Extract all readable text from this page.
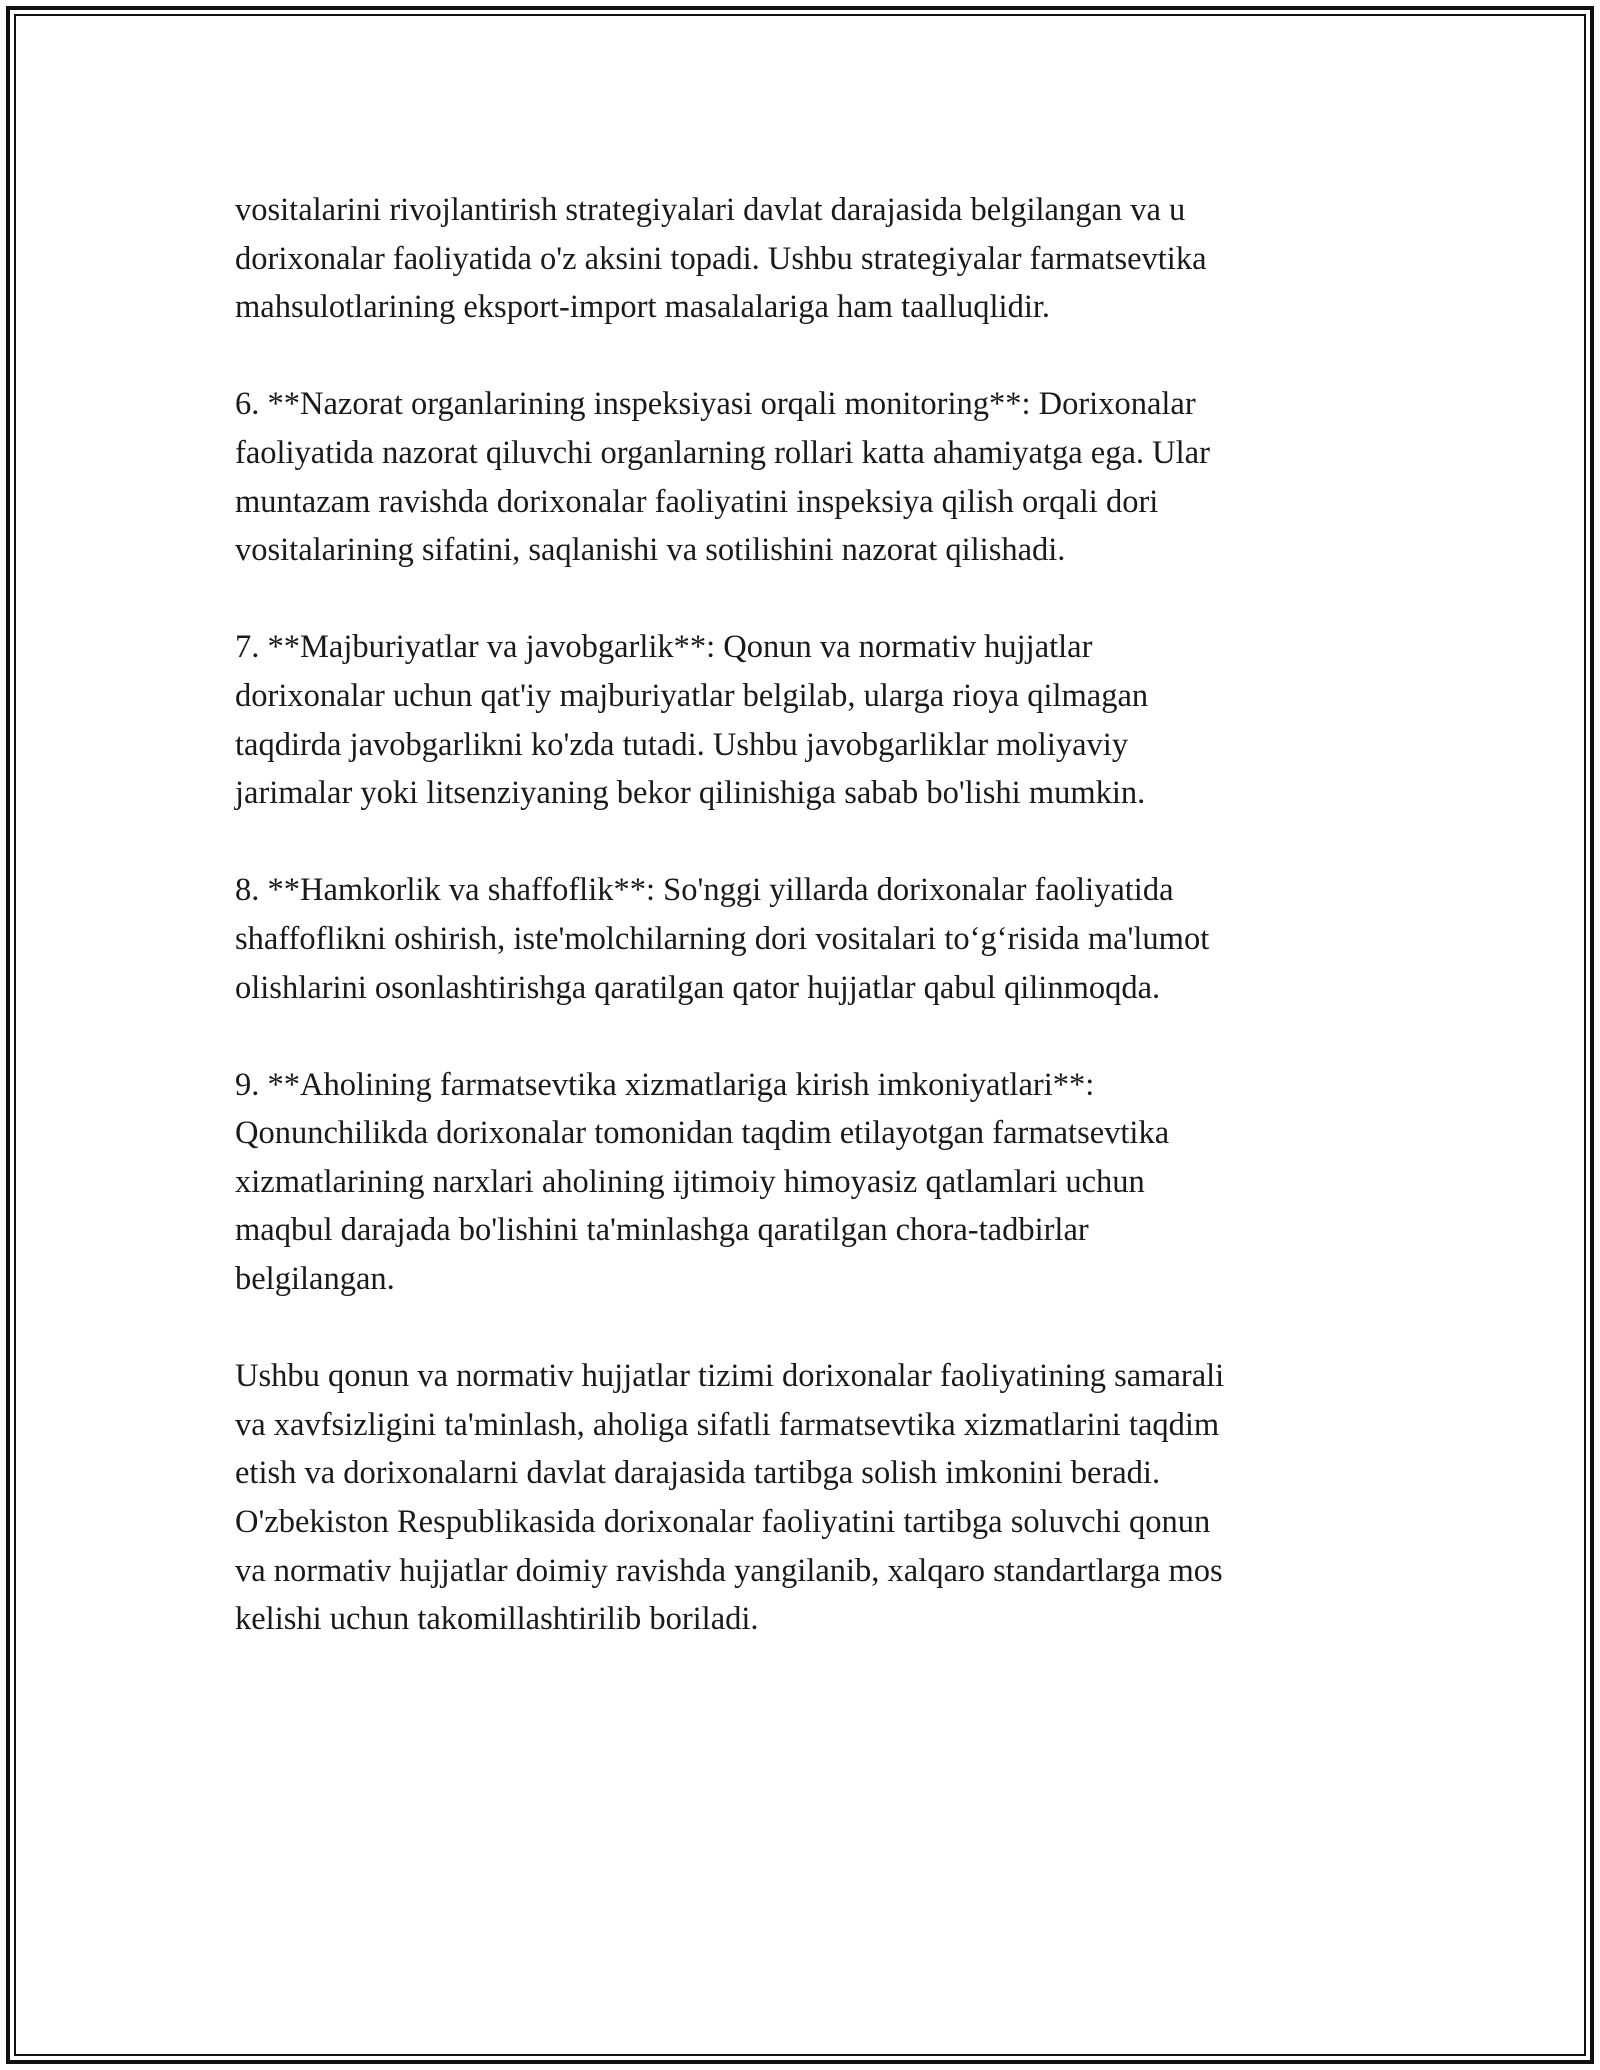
vositalarini rivojlantirish strategiyalari davlat darajasida belgilangan va u
dorixonalar faoliyatida o'z aksini topadi. Ushbu strategiyalar farmatsevtika
mahsulotlarining eksport-import masalalariga ham taalluqlidir.

6. **Nazorat organlarining inspeksiyasi orqali monitoring**: Dorixonalar
faoliyatida nazorat qiluvchi organlarning rollari katta ahamiyatga ega. Ular
muntazam ravishda dorixonalar faoliyatini inspeksiya qilish orqali dori
vositalarining sifatini, saqlanishi va sotilishini nazorat qilishadi.

7. **Majburiyatlar va javobgarlik**: Qonun va normativ hujjatlar
dorixonalar uchun qat'iy majburiyatlar belgilab, ularga rioya qilmagan
taqdirda javobgarlikni ko'zda tutadi. Ushbu javobgarliklar moliyaviy
jarimalar yoki litsenziyaning bekor qilinishiga sabab bo'lishi mumkin.

8. **Hamkorlik va shaffoflik**: So'nggi yillarda dorixonalar faoliyatida
shaffoflikni oshirish, iste'molchilarning dori vositalari to‘g‘risida ma'lumot
olishlarini osonlashtirishga qaratilgan qator hujjatlar qabul qilinmoqda.

9. **Aholining farmatsevtika xizmatlariga kirish imkoniyatlari**:
Qonunchilikda dorixonalar tomonidan taqdim etilayotgan farmatsevtika
xizmatlarining narxlari aholining ijtimoiy himoyasiz qatlamlari uchun
maqbul darajada bo'lishini ta'minlashga qaratilgan chora-tadbirlar
belgilangan.

Ushbu qonun va normativ hujjatlar tizimi dorixonalar faoliyatining samarali
va xavfsizligini ta'minlash, aholiga sifatli farmatsevtika xizmatlarini taqdim
etish va dorixonalarni davlat darajasida tartibga solish imkonini beradi.
O'zbekiston Respublikasida dorixonalar faoliyatini tartibga soluvchi qonun
va normativ hujjatlar doimiy ravishda yangilanib, xalqaro standartlarga mos
kelishi uchun takomillashtirilib boriladi.
